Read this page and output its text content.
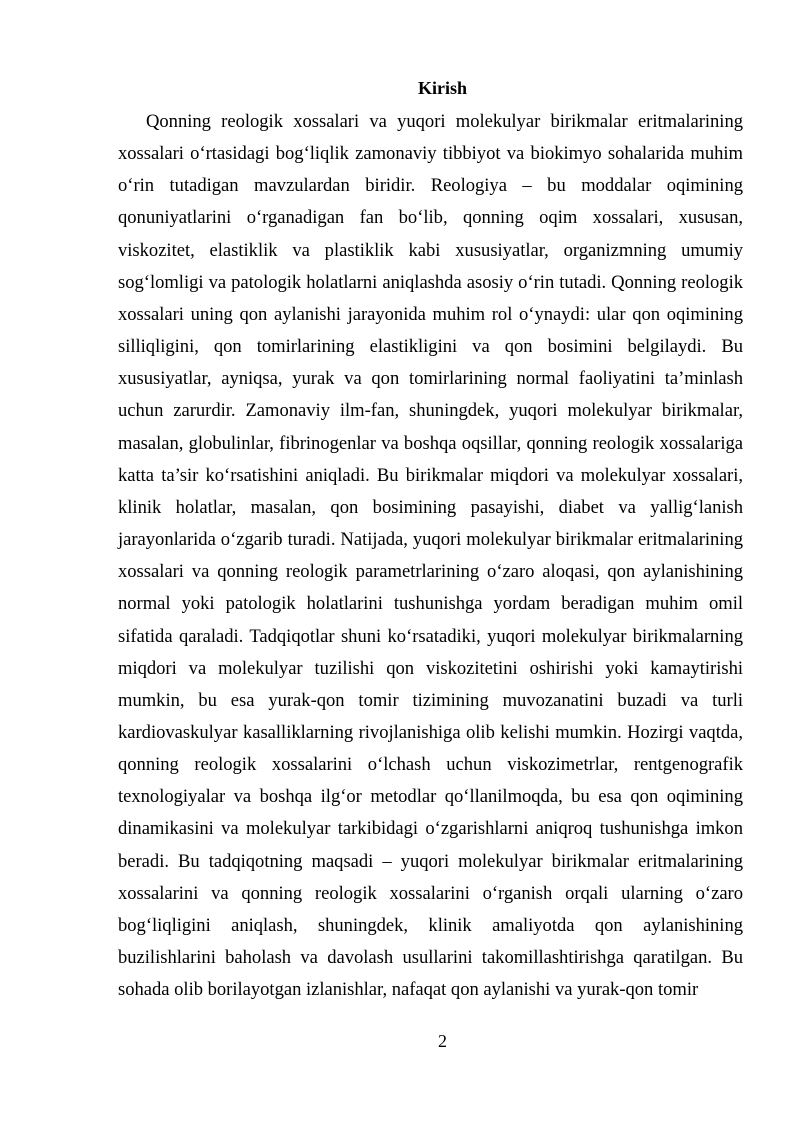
Kirish

Qonning reologik xossalari va yuqori molekulyar birikmalar eritmalarining xossalari o‘rtasidagi bog‘liqlik zamonaviy tibbiyot va biokimyo sohalarida muhim o‘rin tutadigan mavzulardan biridir. Reologiya – bu moddalar oqimining qonuniyatlarini o‘rganadigan fan bo‘lib, qonning oqim xossalari, xususan, viskozitet, elastiklik va plastiklik kabi xususiyatlar, organizmning umumiy sog‘lomligi va patologik holatlarni aniqlashda asosiy o‘rin tutadi. Qonning reologik xossalari uning qon aylanishi jarayonida muhim rol o‘ynaydi: ular qon oqimining silliqligini, qon tomirlarining elastikligini va qon bosimini belgilaydi. Bu xususiyatlar, ayniqsa, yurak va qon tomirlarining normal faoliyatini ta’minlash uchun zarurdir. Zamonaviy ilm-fan, shuningdek, yuqori molekulyar birikmalar, masalan, globulinlar, fibrinogenlar va boshqa oqsillar, qonning reologik xossalariga katta ta’sir ko‘rsatishini aniqladi. Bu birikmalar miqdori va molekulyar xossalari, klinik holatlar, masalan, qon bosimining pasayishi, diabet va yallig‘lanish jarayonlarida o‘zgarib turadi. Natijada, yuqori molekulyar birikmalar eritmalarining xossalari va qonning reologik parametrlarining o‘zaro aloqasi, qon aylanishining normal yoki patologik holatlarini tushunishga yordam beradigan muhim omil sifatida qaraladi. Tadqiqotlar shuni ko‘rsatadiki, yuqori molekulyar birikmalarning miqdori va molekulyar tuzilishi qon viskozitetini oshirishi yoki kamaytirishi mumkin, bu esa yurak-qon tomir tizimining muvozanatini buzadi va turli kardiovaskulyar kasalliklarning rivojlanishiga olib kelishi mumkin. Hozirgi vaqtda, qonning reologik xossalarini o‘lchash uchun viskozimetrlar, rentgenografik texnologiyalar va boshqa ilg‘or metodlar qo‘llanilmoqda, bu esa qon oqimining dinamikasini va molekulyar tarkibidagi o‘zgarishlarni aniqroq tushunishga imkon beradi. Bu tadqiqotning maqsadi – yuqori molekulyar birikmalar eritmalarining xossalarini va qonning reologik xossalarini o‘rganish orqali ularning o‘zaro bog‘liqligini aniqlash, shuningdek, klinik amaliyotda qon aylanishining buzilishlarini baholash va davolash usullarini takomillashtirishga qaratilgan. Bu sohada olib borilayotgan izlanishlar, nafaqat qon aylanishi va yurak-qon tomir

2
